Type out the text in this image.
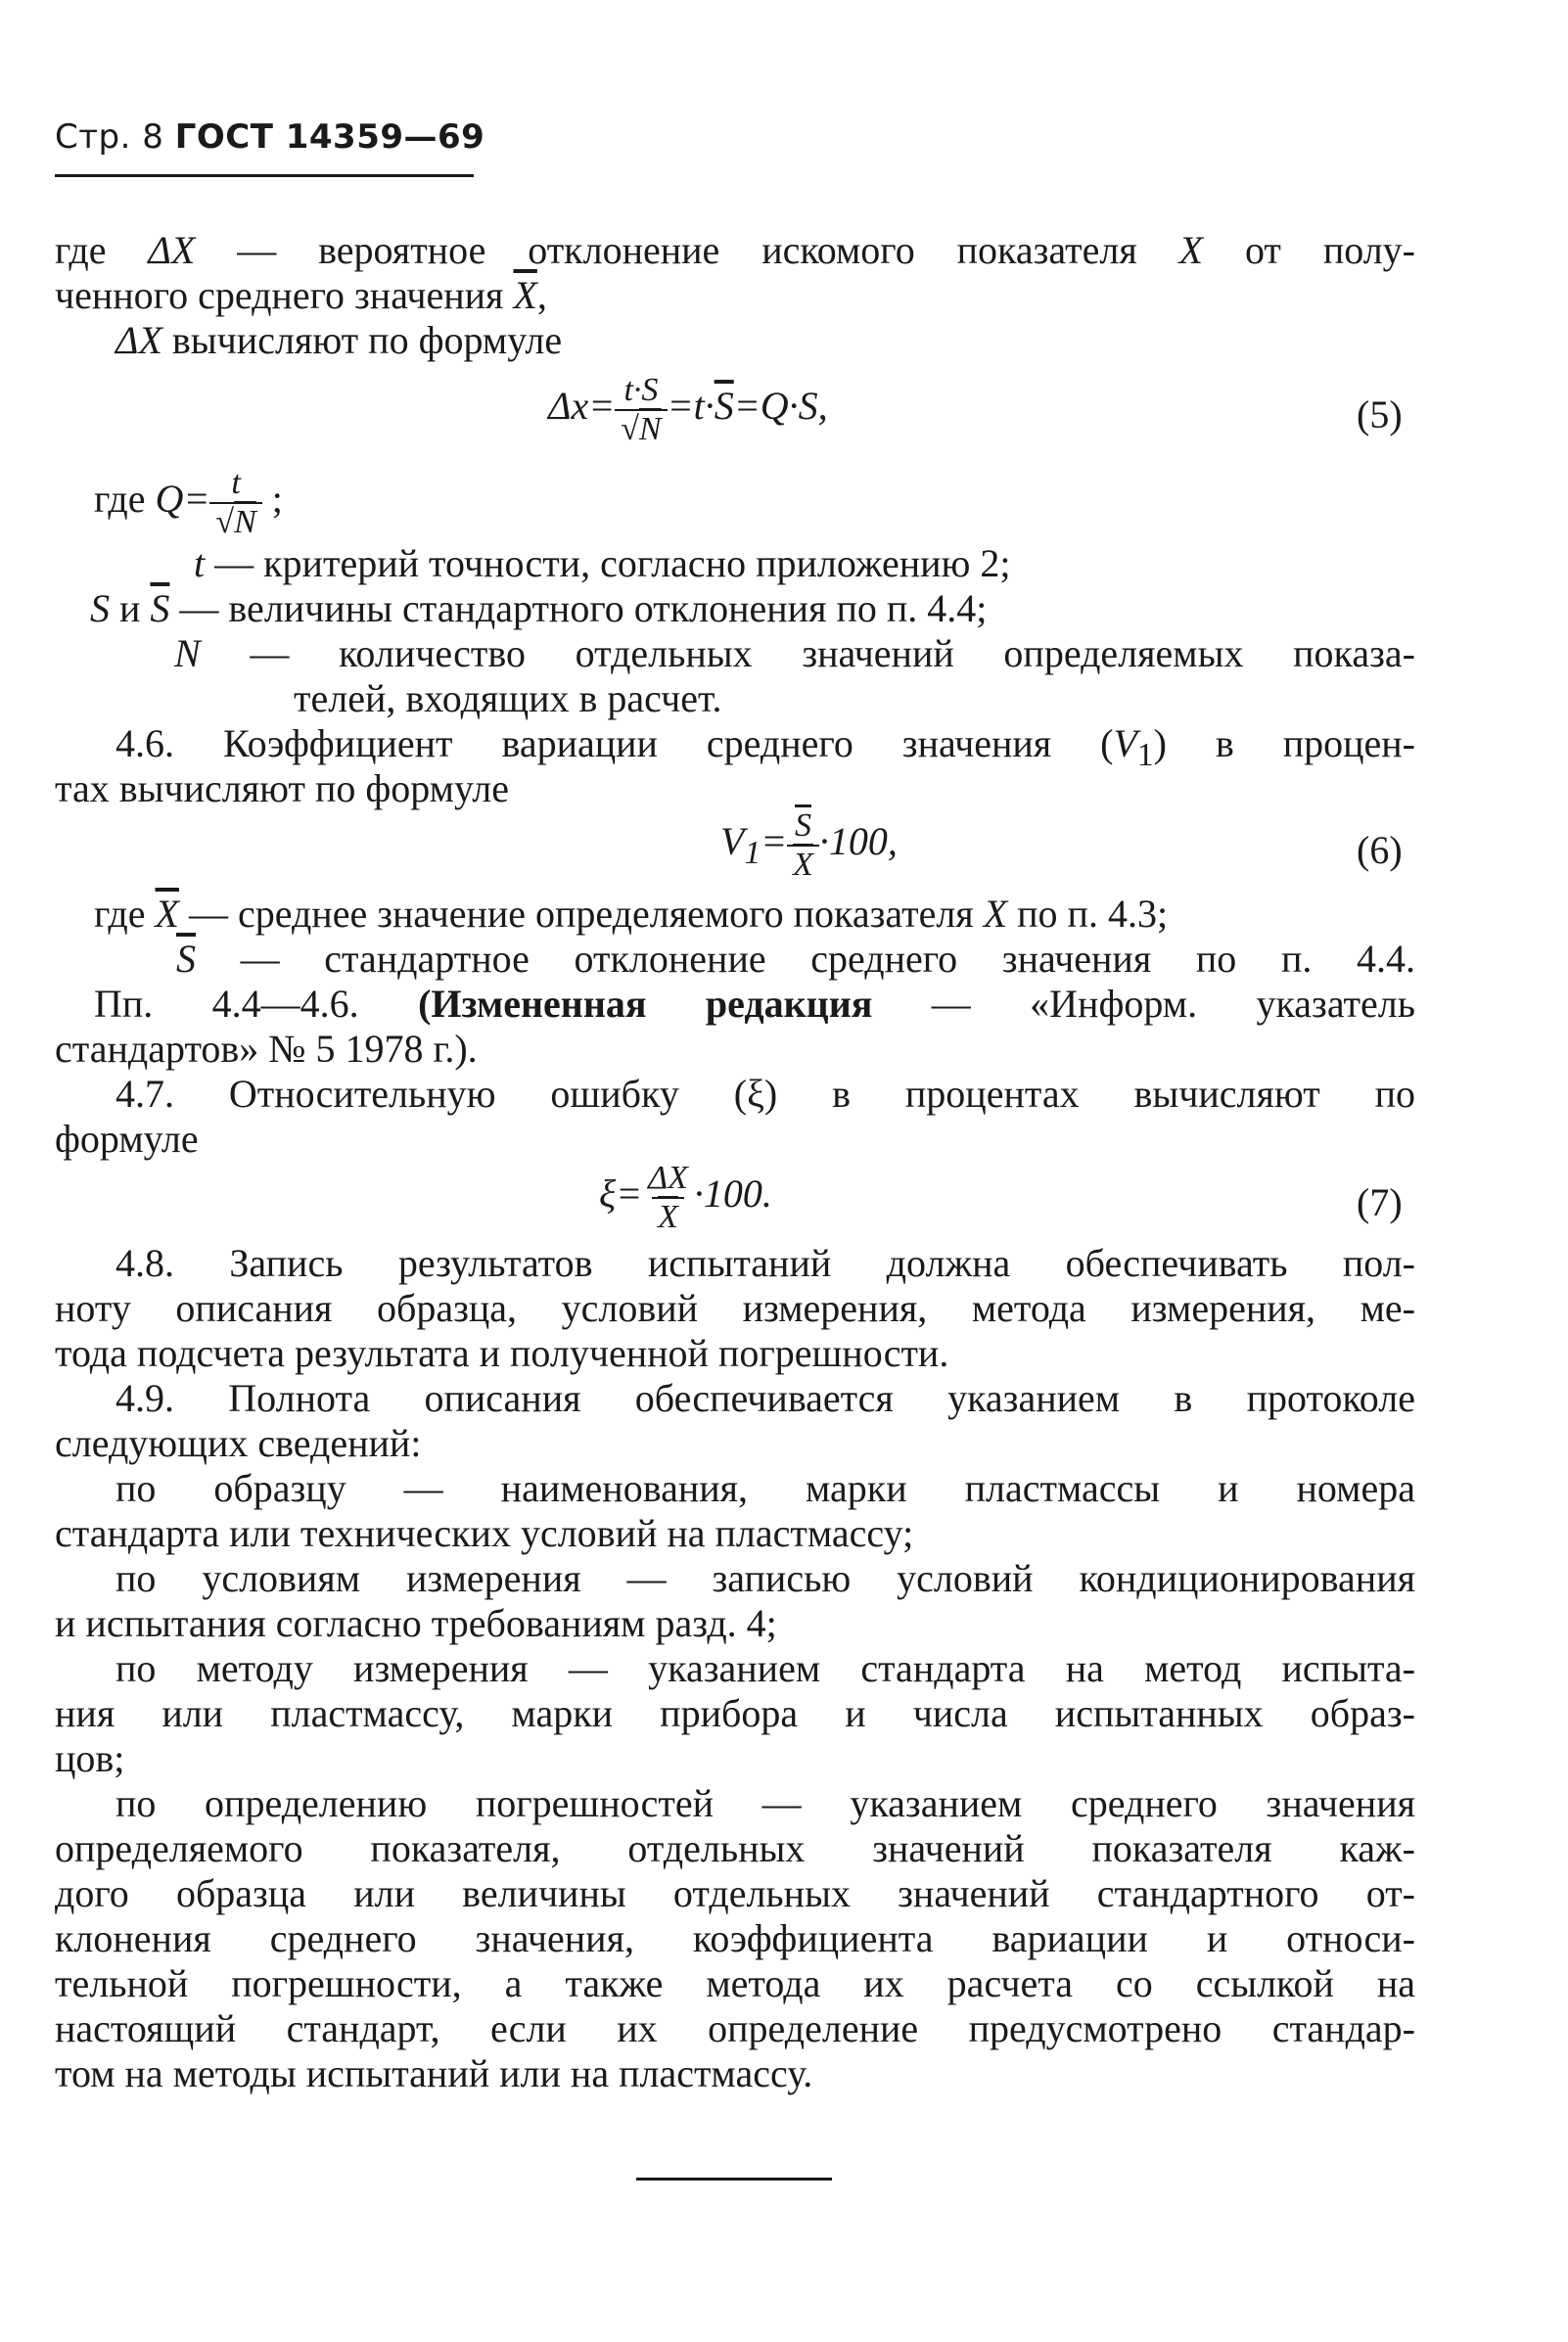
Стр. 8 ГОСТ 14359—69
где ΔX — вероятное отклонение искомого показателя X от полу-
ченного среднего значения $\overline{X}$,
ΔX вычисляют по формуле
$\Delta x= \frac{t\cdot S}{√N} =t\cdot\overline{S}=Q\cdot S$,	(5)
где $Q= \frac{t}{√N}$ ;
t — критерий точности, согласно приложению 2;
S и $\overline{S}$ — величины стандартного отклонения по п. 4.4;
N — количество отдельных значений определяемых показа-
телей, входящих в расчет.
4.6. Коэффициент вариации среднего значения $(V_1)$ в процен-
тах вычисляют по формуле
$V_1= \frac{\overline{S}}{X} \cdot 100$,	(6)
где $\overline{X}$ — среднее значение определяемого показателя X по п. 4.3;
$\overline{S}$ — стандартное отклонение среднего значения по п. 4.4.
Пп. 4.4—4.6. (Измененная редакция — «Информ. указатель
стандартов» № 5 1978 г.).
4.7. Относительную ошибку (ξ) в процентах вычисляют по
формуле
$\xi= \frac{\Delta X}{X} \cdot 100$.	(7)
4.8. Запись результатов испытаний должна обеспечивать пол-
ноту описания образца, условий измерения, метода измерения, ме-
тода подсчета результата и полученной погрешности.
4.9. Полнота описания обеспечивается указанием в протоколе
следующих сведений:
по образцу — наименования, марки пластмассы и номера
стандарта или технических условий на пластмассу;
по условиям измерения — записью условий кондиционирования
и испытания согласно требованиям разд. 4;
по методу измерения — указанием стандарта на метод испыта-
ния или пластмассу, марки прибора и числа испытанных образ-
цов;
по определению погрешностей — указанием среднего значения
определяемого показателя, отдельных значений показателя каж-
дого образца или величины отдельных значений стандартного от-
клонения среднего значения, коэффициента вариации и относи-
тельной погрешности, а также метода их расчета со ссылкой на
настоящий стандарт, если их определение предусмотрено стандар-
том на методы испытаний или на пластмассу.
